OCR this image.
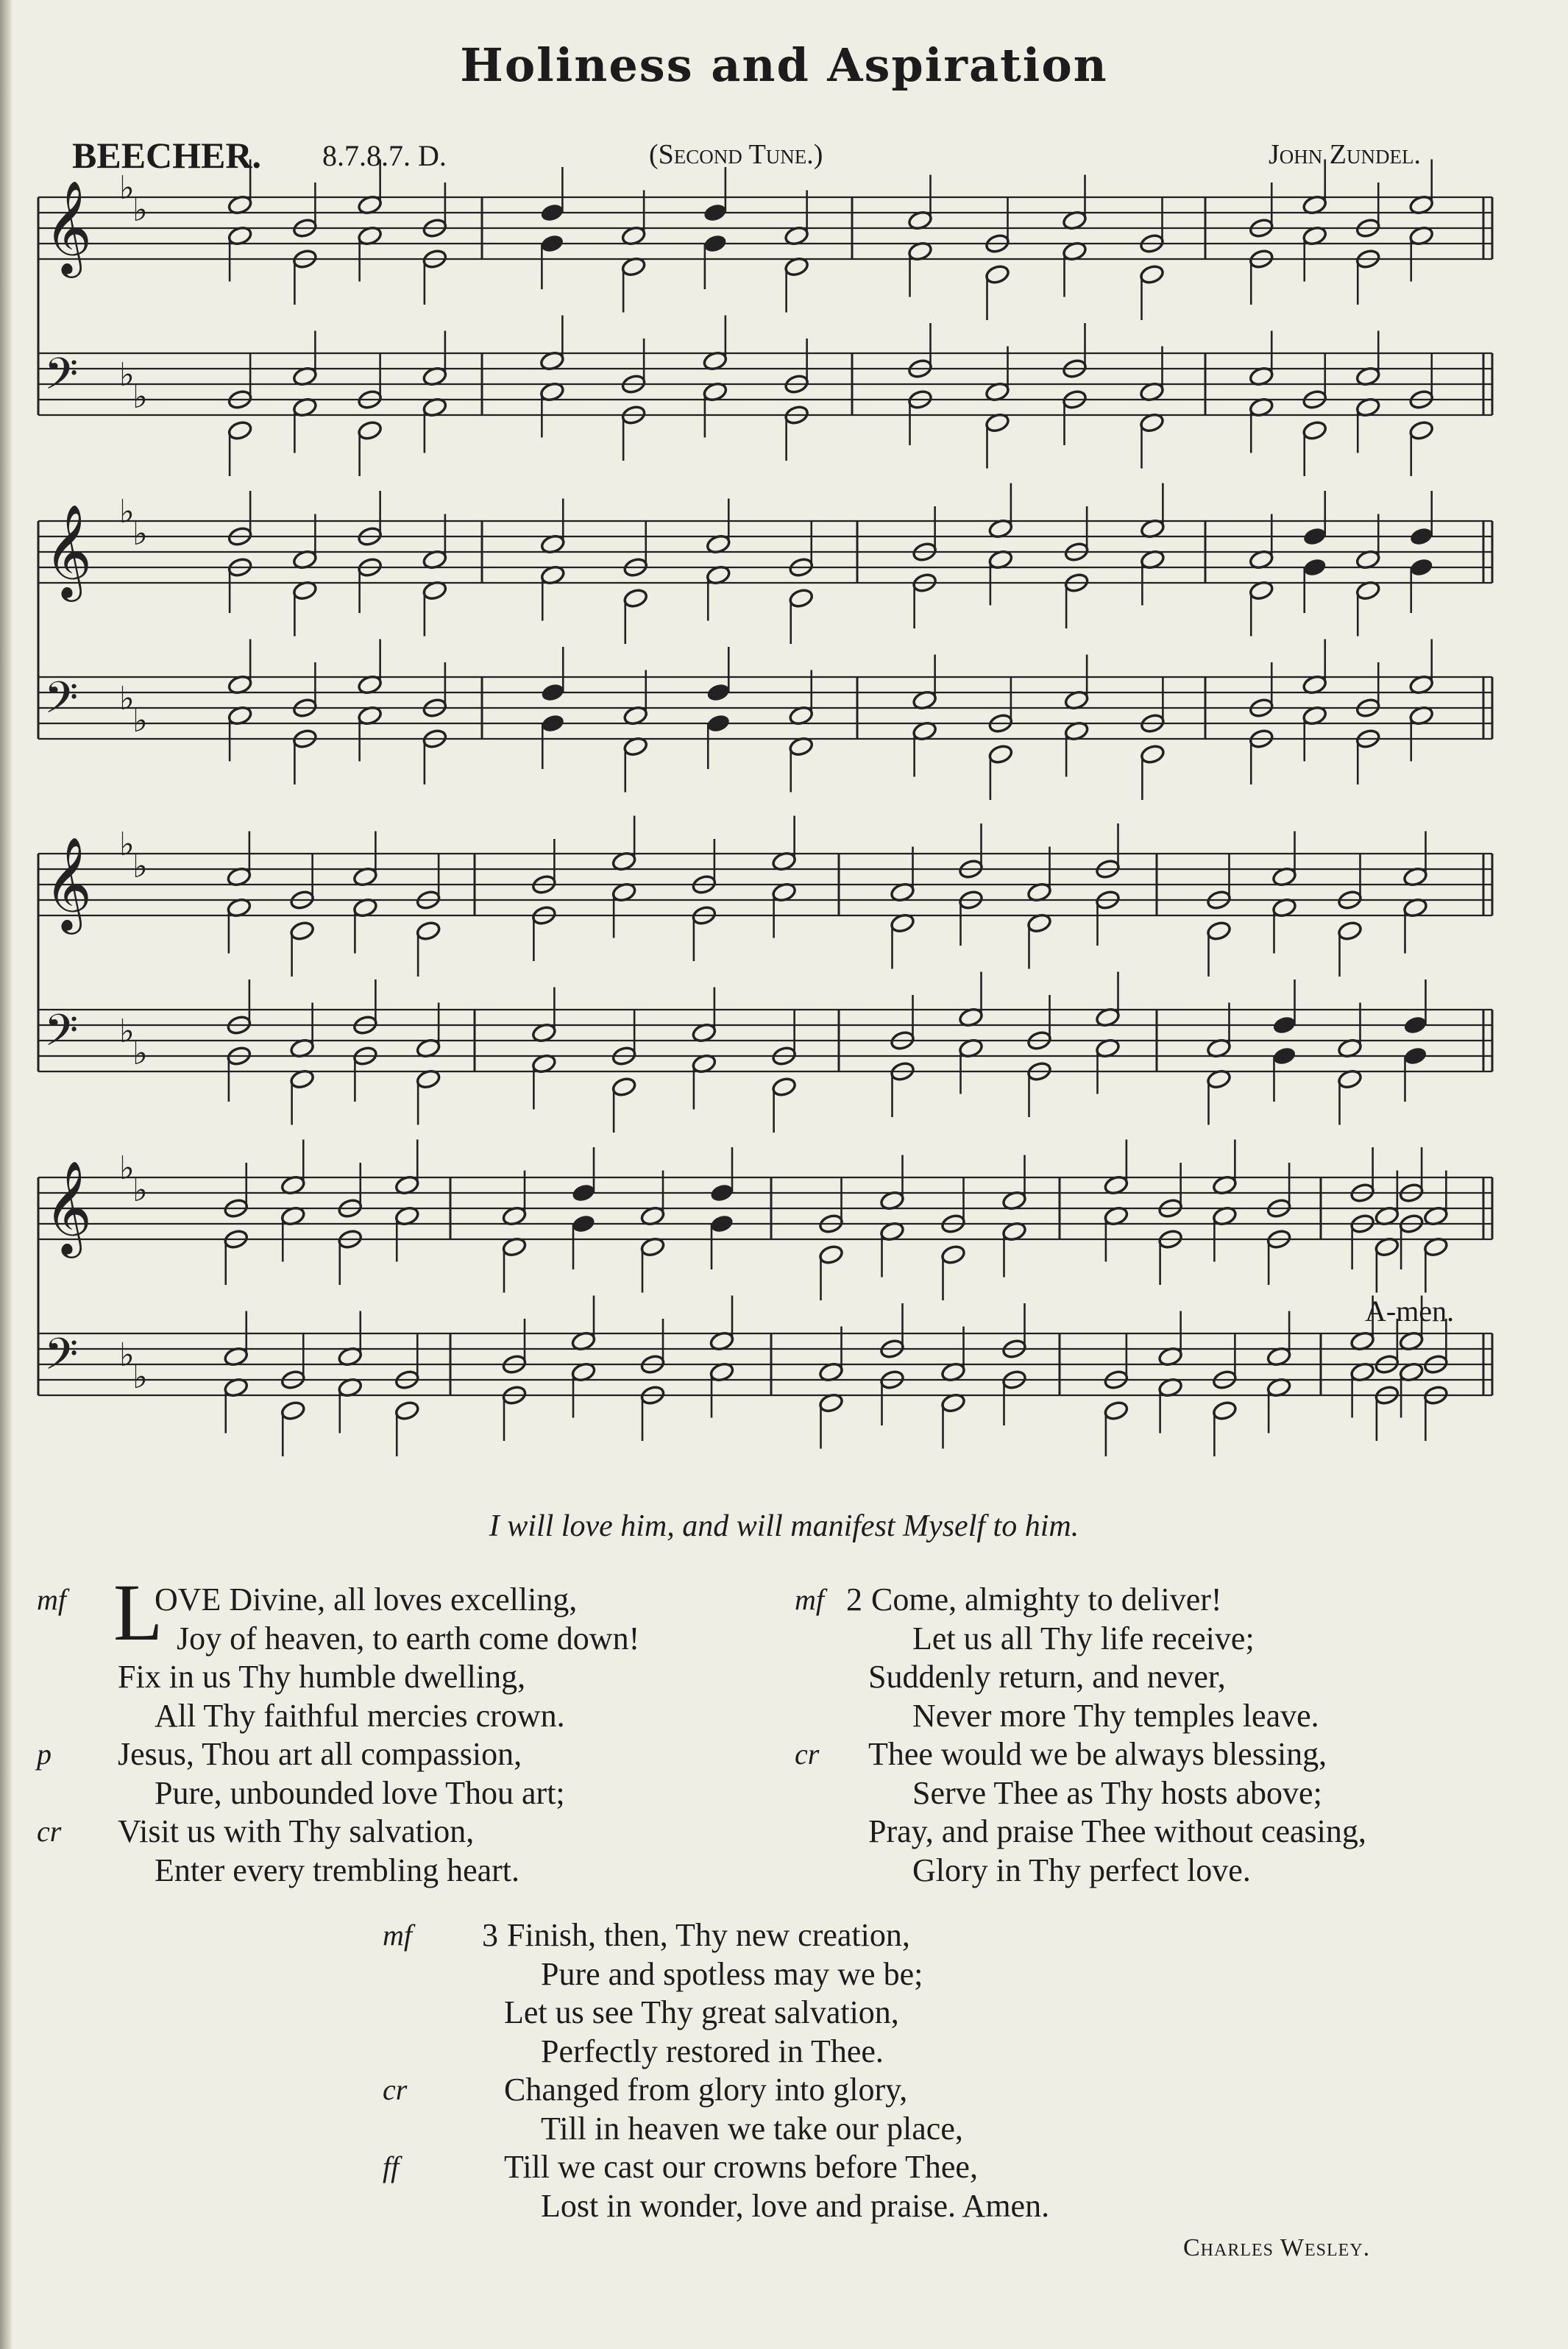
Holiness and Aspiration
BEECHER. 8.7.8.7. D.	(Second Tune.)	John Zundel.
𝄞 ♭
♭
𝄢 ♭
♭
𝄞 ♭
♭
𝄢 ♭
♭
𝄞 ♭
♭
𝄢 ♭
♭
𝄞 ♭
♭
𝄢 ♭
♭
A-men.
I will love him, and will manifest Myself to him.
L
mf	OVE Divine, all loves excelling,
Joy of heaven, to earth come down!
Fix in us Thy humble dwelling,
All Thy faithful mercies crown.
p Jesus, Thou art all compassion,
Pure, unbounded love Thou art;
cr Visit us with Thy salvation,
Enter every trembling heart.
mf 2 Come, almighty to deliver!
Let us all Thy life receive;
Suddenly return, and never,
Never more Thy temples leave.
cr Thee would we be always blessing,
Serve Thee as Thy hosts above;
Pray, and praise Thee without ceasing,
Glory in Thy perfect love.
mf 3 Finish, then, Thy new creation,
Pure and spotless may we be;
Let us see Thy great salvation,
Perfectly restored in Thee.
cr	Changed from glory into glory,
Till in heaven we take our place,
ff	Till we cast our crowns before Thee,
Lost in wonder, love and praise. Amen.
Charles Wesley.
